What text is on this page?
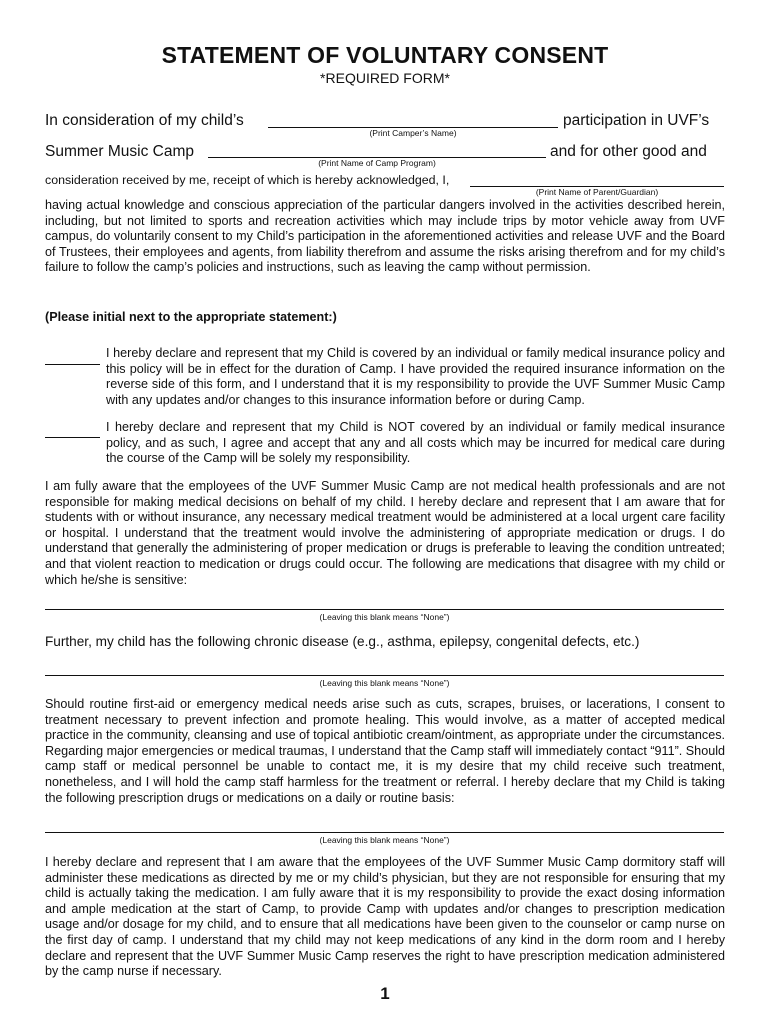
STATEMENT OF VOLUNTARY CONSENT
*REQUIRED FORM*
In consideration of my child’s
(Print Camper’s Name)
participation in UVF’s
Summer Music Camp
(Print Name of Camp Program)
and for other good and
consideration received by me, receipt of which is hereby acknowledged, I,
(Print Name of Parent/Guardian)

having actual knowledge and conscious appreciation of the particular dangers involved in the activities described herein, including, but not limited to sports and recreation activities which may include trips by motor vehicle away from UVF campus, do voluntarily consent to my Child’s participation in the aforementioned activities and release UVF and the Board of Trustees, their employees and agents, from liability therefrom and assume the risks arising therefrom and for my child’s failure to follow the camp’s policies and instructions, such as leaving the camp without permission.

(Please initial next to the appropriate statement:)

I hereby declare and represent that my Child is covered by an individual or family medical insurance policy and this policy will be in effect for the duration of Camp. I have provided the required insurance information on the reverse side of this form, and I understand that it is my responsibility to provide the UVF Summer Music Camp with any updates and/or changes to this insurance information before or during Camp.

I hereby declare and represent that my Child is NOT covered by an individual or family medical insurance policy, and as such, I agree and accept that any and all costs which may be incurred for medical care during the course of the Camp will be solely my responsibility.

I am fully aware that the employees of the UVF Summer Music Camp are not medical health professionals and are not responsible for making medical decisions on behalf of my child. I hereby declare and represent that I am aware that for students with or without insurance, any necessary medical treatment would be administered at a local urgent care facility or hospital. I understand that the treatment would involve the administering of appropriate medication or drugs. I do understand that generally the administering of proper medication or drugs is preferable to leaving the condition untreated; and that violent reaction to medication or drugs could occur. The following are medications that disagree with my child or which he/she is sensitive:

(Leaving this blank means “None”)
Further, my child has the following chronic disease (e.g., asthma, epilepsy, congenital defects, etc.)
(Leaving this blank means “None”)

Should routine first-aid or emergency medical needs arise such as cuts, scrapes, bruises, or lacerations, I consent to treatment necessary to prevent infection and promote healing. This would involve, as a matter of accepted medical practice in the community, cleansing and use of topical antibiotic cream/ointment, as appropriate under the circumstances. Regarding major emergencies or medical traumas, I understand that the Camp staff will immediately contact “911”. Should camp staff or medical personnel be unable to contact me, it is my desire that my child receive such treatment, nonetheless, and I will hold the camp staff harmless for the treatment or referral. I hereby declare that my Child is taking the following prescription drugs or medications on a daily or routine basis:

(Leaving this blank means “None”)

I hereby declare and represent that I am aware that the employees of the UVF Summer Music Camp dormitory staff will administer these medications as directed by me or my child’s physician, but they are not responsible for ensuring that my child is actually taking the medication. I am fully aware that it is my responsibility to provide the exact dosing information and ample medication at the start of Camp, to provide Camp with updates and/or changes to prescription medication usage and/or dosage for my child, and to ensure that all medications have been given to the counselor or camp nurse on the first day of camp. I understand that my child may not keep medications of any kind in the dorm room and I hereby declare and represent that the UVF Summer Music Camp reserves the right to have prescription medication administered by the camp nurse if necessary.

1
